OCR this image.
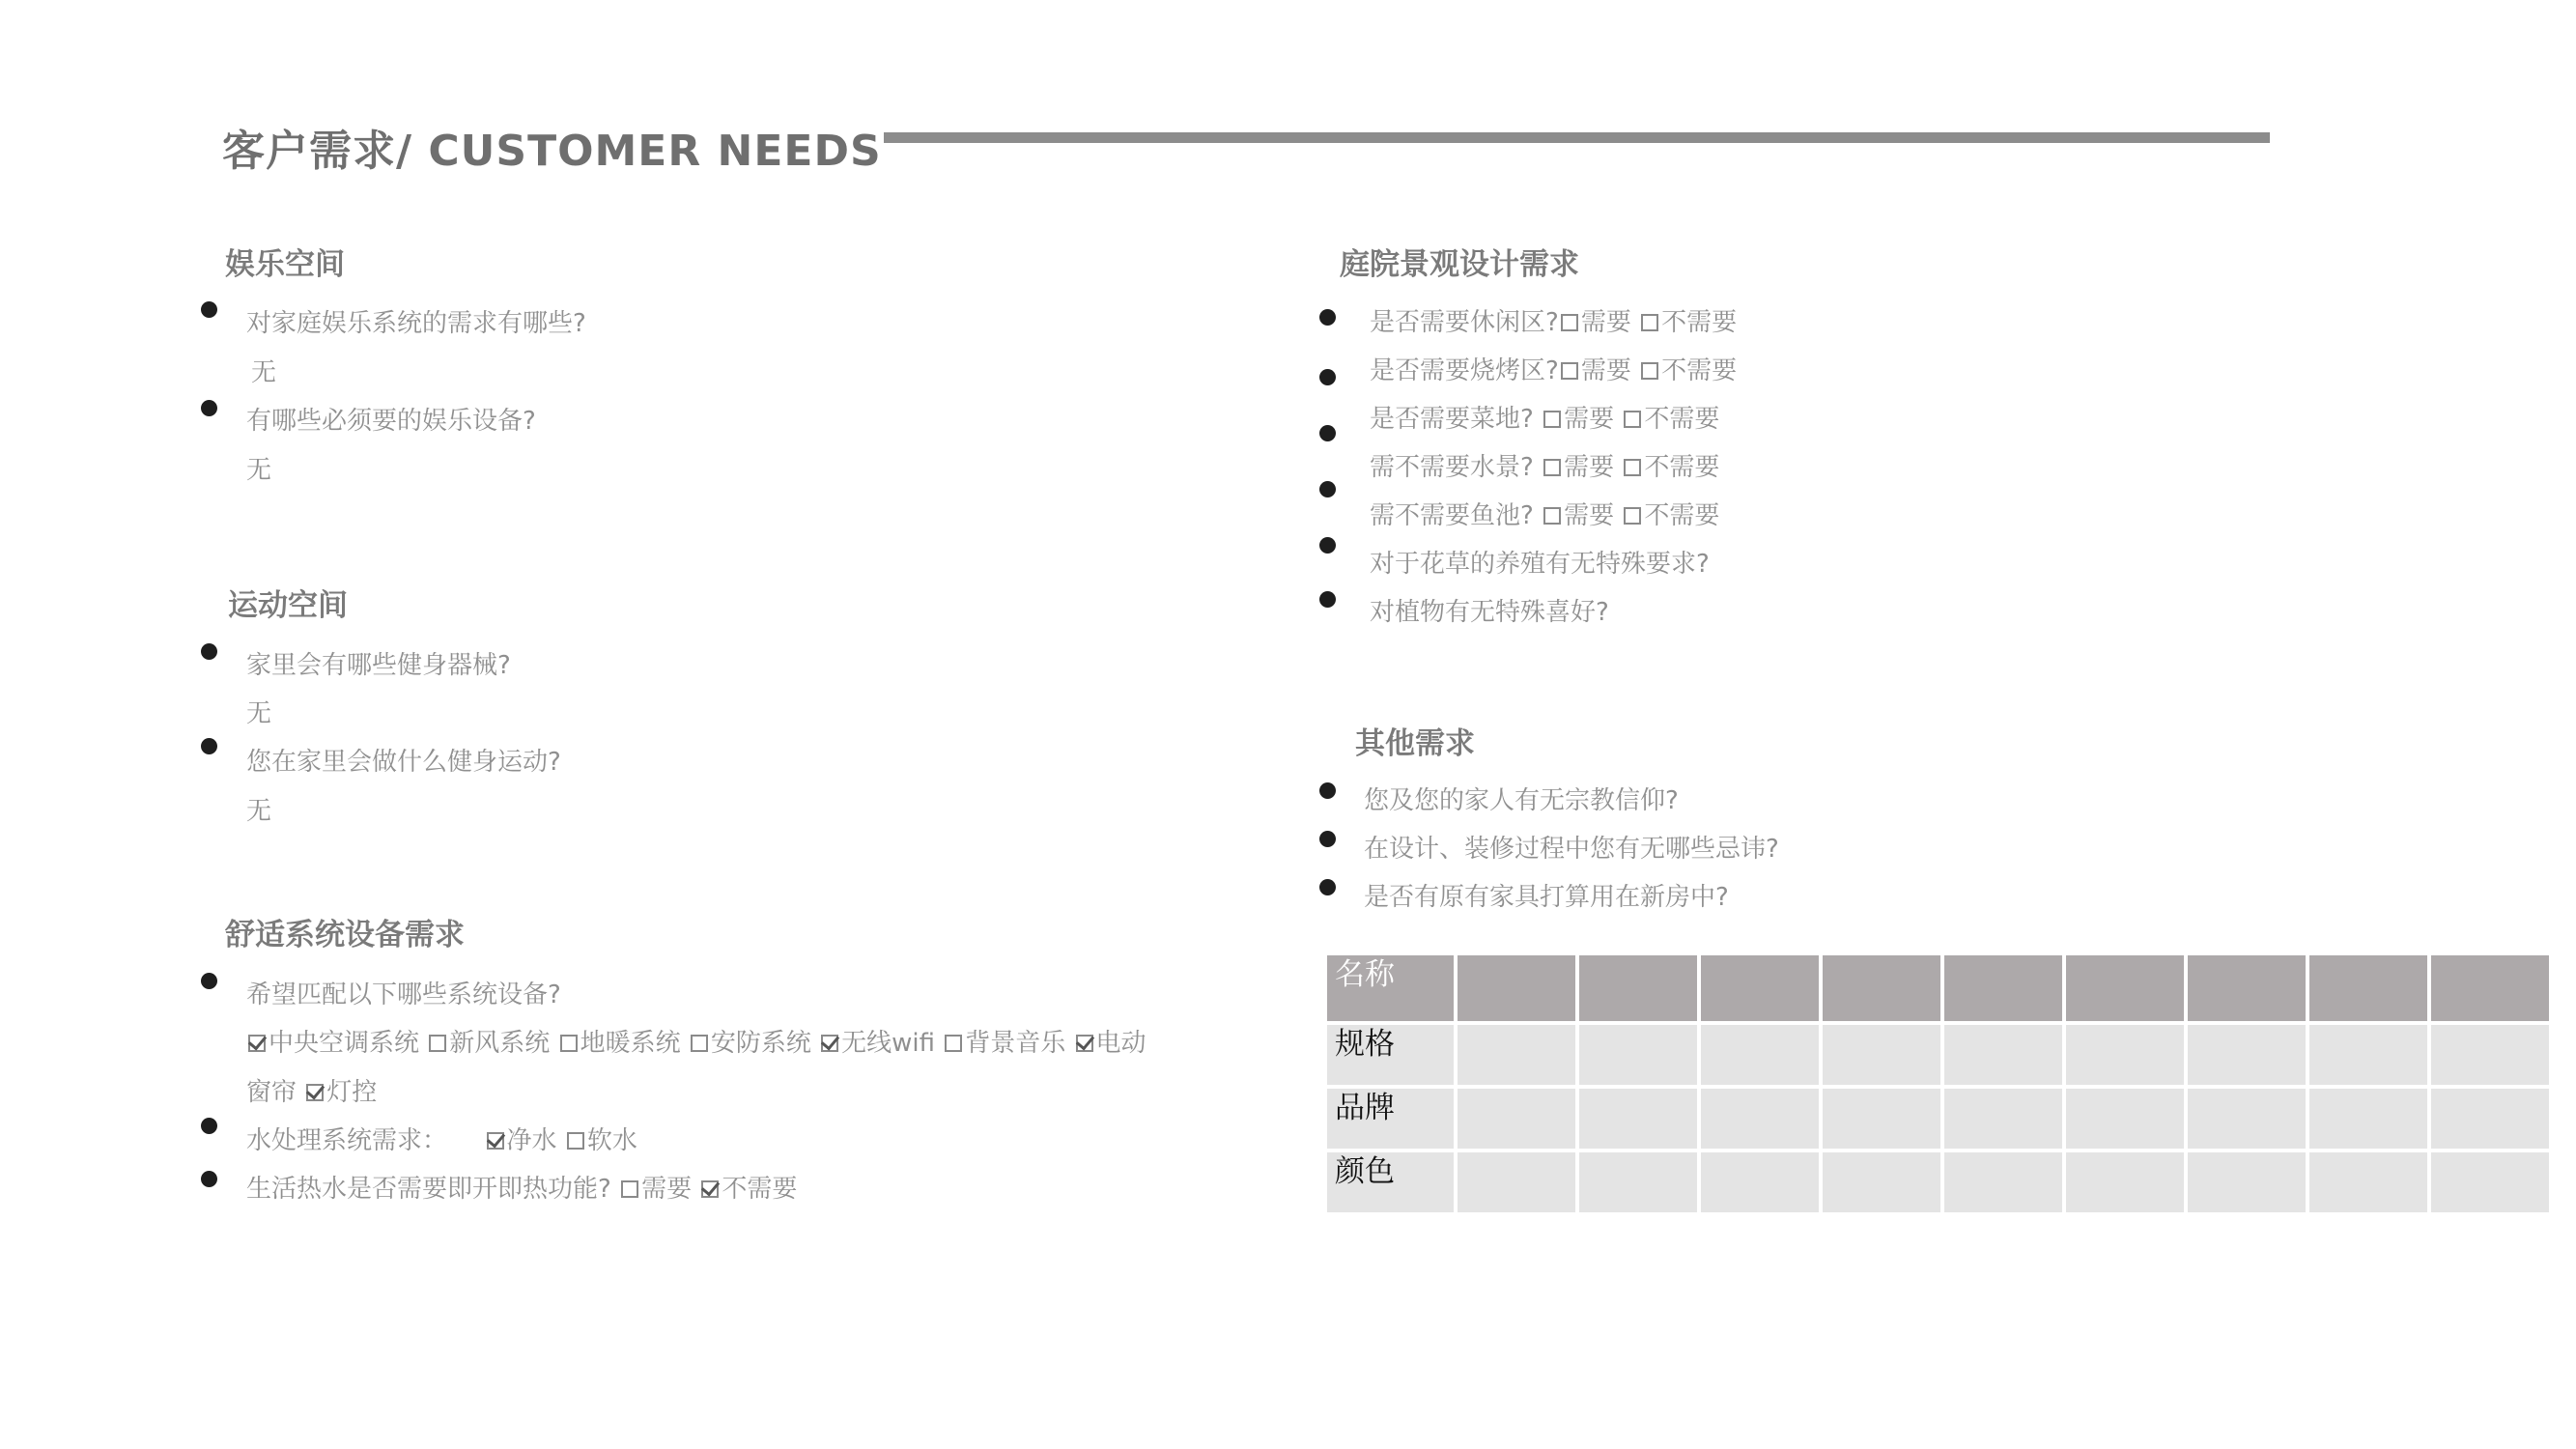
客户需求/ CUSTOMER NEEDS
娱乐空间
对家庭娱乐系统的需求有哪些?
无
有哪些必须要的娱乐设备?
无
运动空间
家里会有哪些健身器械?
无
您在家里会做什么健身运动?
无
舒适系统设备需求
希望匹配以下哪些系统设备?
中央空调系统 新风系统 地暖系统 安防系统 无线wifi 背景音乐 电动
窗帘 灯控
水处理系统需求： 净水 软水
生活热水是否需要即开即热功能? 需要 不需要
庭院景观设计需求
是否需要休闲区? 需要 不需要
是否需要烧烤区? 需要 不需要
是否需要菜地? 需要 不需要
需不需要水景? 需要 不需要
需不需要鱼池? 需要 不需要
对于花草的养殖有无特殊要求?
对植物有无特殊喜好?
其他需求
您及您的家人有无宗教信仰?
在设计、装修过程中您有无哪些忌讳?
是否有原有家具打算用在新房中?
名称									
规格									
品牌									
颜色									
